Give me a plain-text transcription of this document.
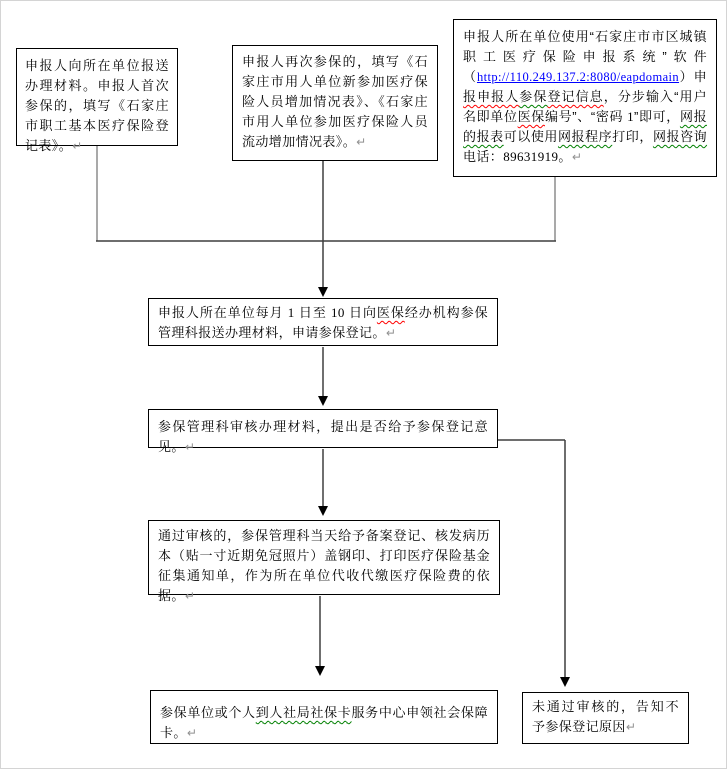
申报人向所在单位报送办理材料。申报人首次参保的，填写《石家庄市职工基本医疗保险登记表》。↵
申报人再次参保的，填写《石家庄市用人单位新参加医疗保险人员增加情况表》、《石家庄市用人单位参加医疗保险人员流动增加情况表》。↵
申报人所在单位使用“石家庄市市区城镇职工医疗保险申报系统”软件（http://110.249.137.2:8080/eapdomain）申报申报人参保登记信息，分步输入“用户名即单位医保编号”、“密码 1”即可，网报的报表可以使用网报程序打印，网报咨询电话：89631919。↵
申报人所在单位每月 1 日至 10 日向医保经办机构参保管理科报送办理材料，申请参保登记。↵
参保管理科审核办理材料，提出是否给予参保登记意见。↵
通过审核的，参保管理科当天给予备案登记、核发病历本（贴一寸近期免冠照片）盖钢印、打印医疗保险基金征集通知单，作为所在单位代收代缴医疗保险费的依据。↵
参保单位或个人到人社局社保卡服务中心申领社会保障卡。↵
未通过审核的，告知不予参保登记原因↵
